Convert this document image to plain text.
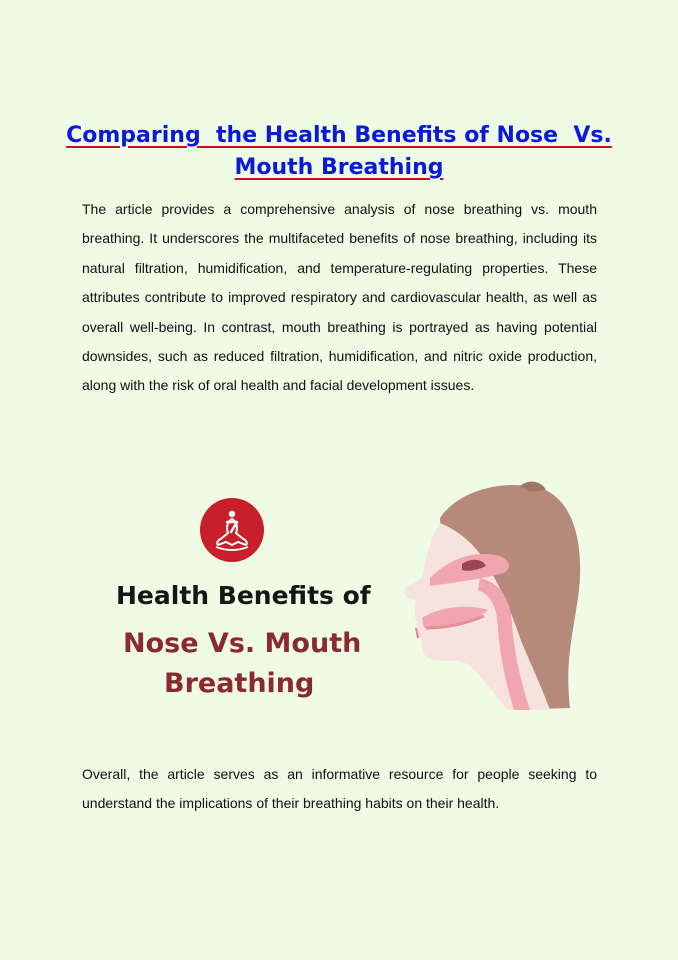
Comparing  the Health Benefits of Nose  Vs.
Mouth Breathing

The article provides a comprehensive analysis of nose breathing vs. mouth breathing. It underscores the multifaceted benefits of nose breathing, including its natural filtration, humidification, and temperature-regulating properties. These attributes contribute to improved respiratory and cardiovascular health, as well as overall well-being. In contrast, mouth breathing is portrayed as having potential downsides, such as reduced filtration, humidification, and nitric oxide production, along with the risk of oral health and facial development issues.

Health Benefits of
Nose Vs. Mouth
Breathing

Overall, the article serves as an informative resource for people seeking to understand the implications of their breathing habits on their health.
